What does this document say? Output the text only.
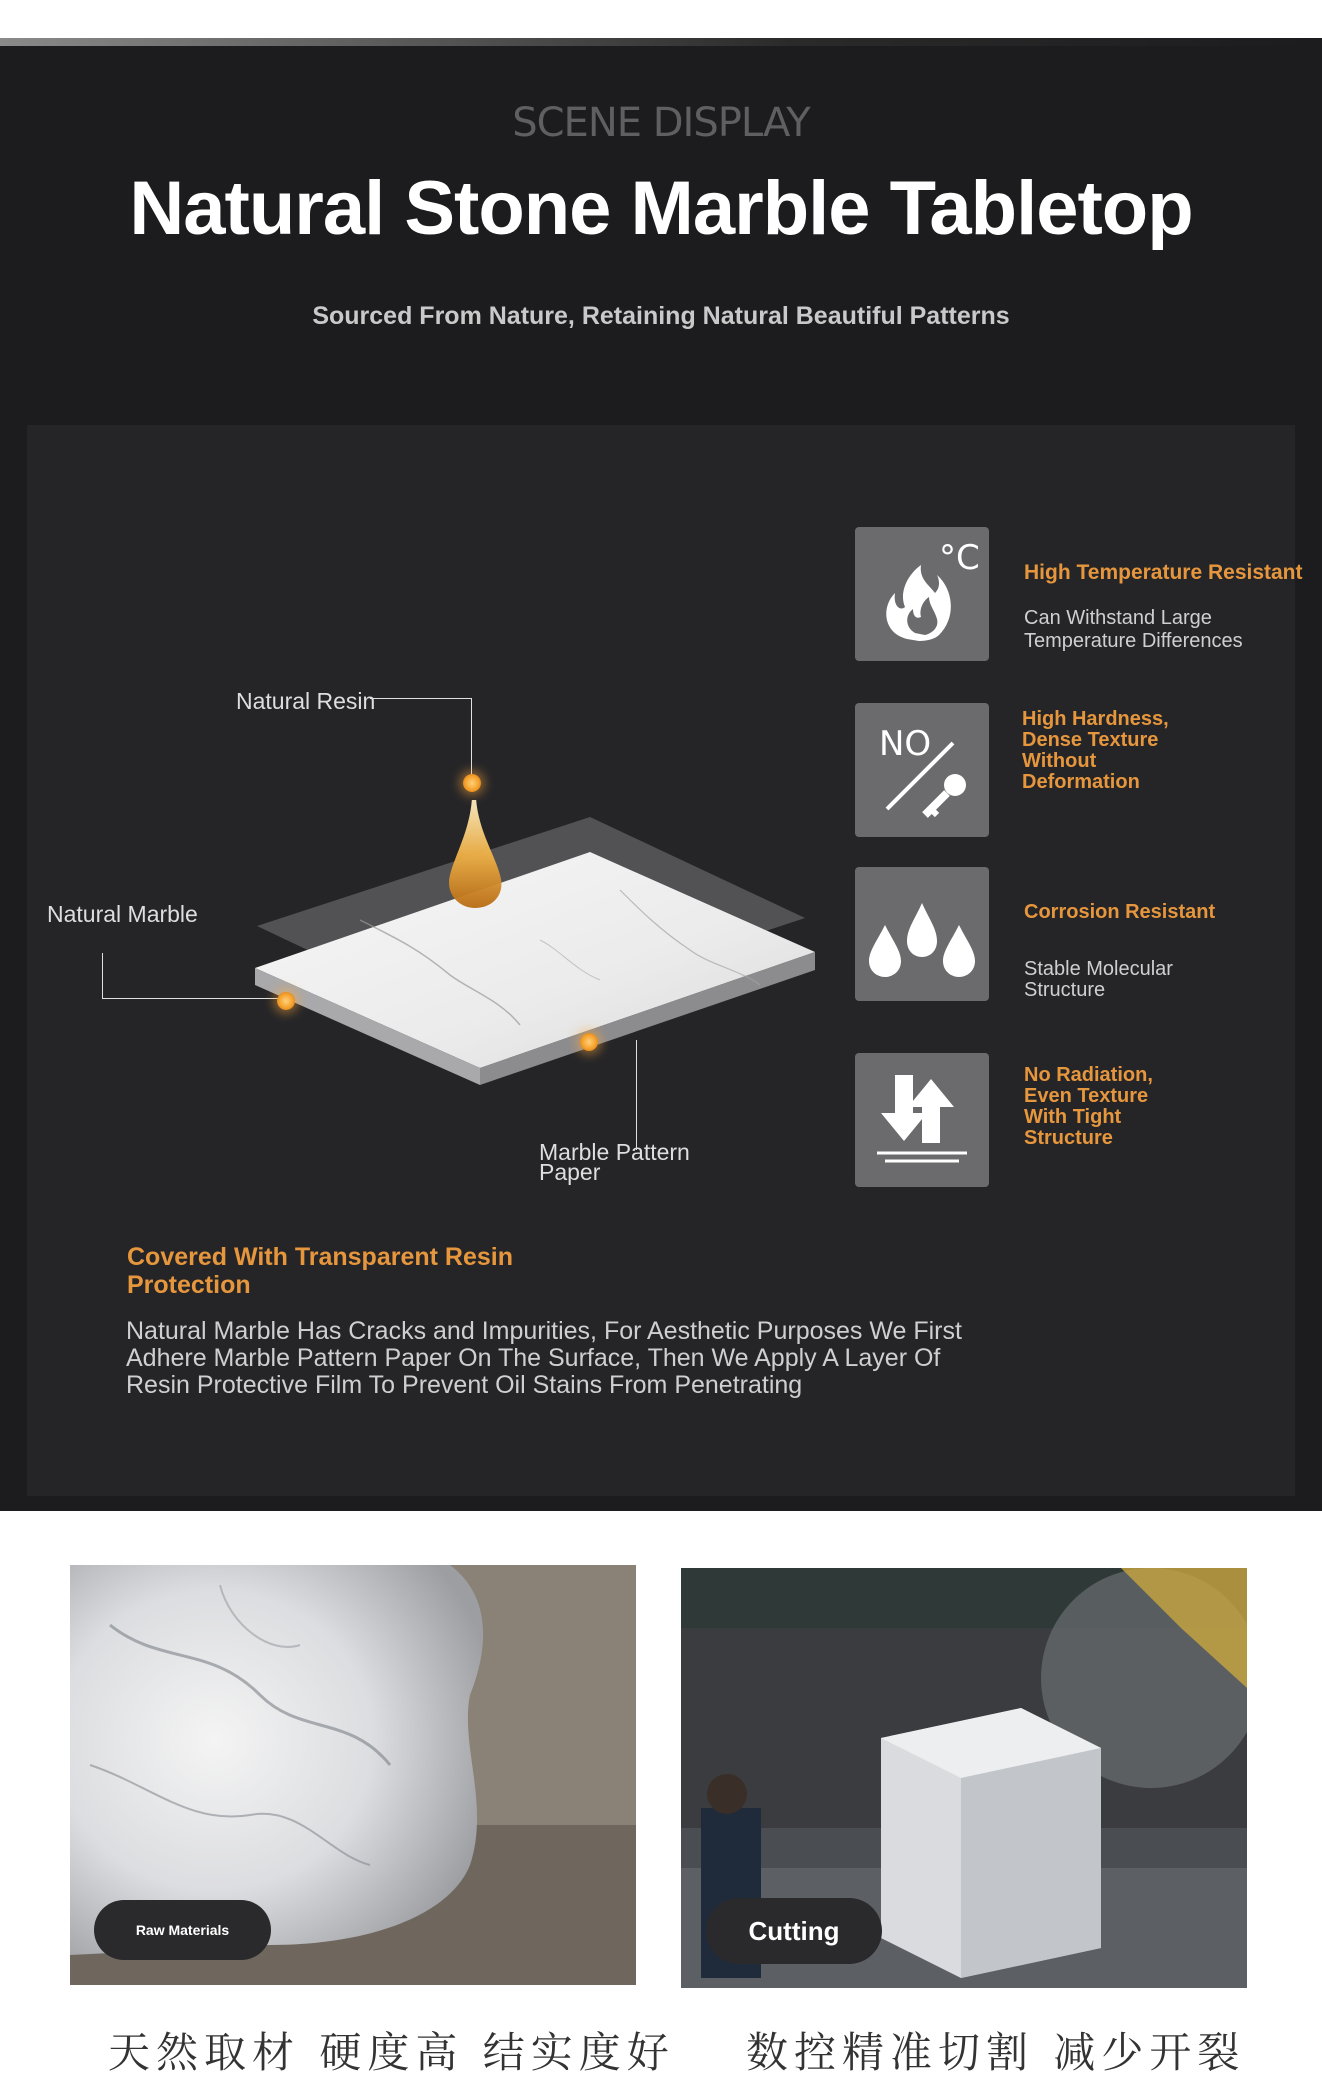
SCENE DISPLAY
Natural Stone Marble Tabletop
Sourced From Nature, Retaining Natural Beautiful Patterns
Natural Resin
Natural Marble
Marble Pattern
Paper
°C
NO
High Temperature Resistant
Can Withstand Large Temperature Differences
High Hardness, Dense Texture Without Deformation
Corrosion Resistant
Stable Molecular Structure
No Radiation, Even Texture With Tight Structure
Covered With Transparent Resin Protection
Natural Marble Has Cracks and Impurities, For Aesthetic Purposes We First Adhere Marble Pattern Paper On The Surface, Then We Apply A Layer Of Resin Protective Film To Prevent Oil Stains From Penetrating
Raw Materials	Cutting
天然取材 硬度高 结实度好 数控精准切割 减少开裂
